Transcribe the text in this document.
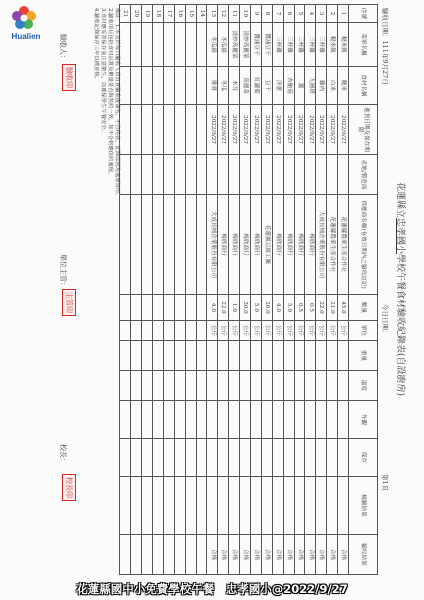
Hualien
花蓮縣立忠孝國小學校午餐食材驗收紀錄表(自設廚房)
驗收日期：111年9月27日
今日日期：
第1頁
序號	菜單名稱	食材名稱	進貨日期及保存期限	產地/製造商	供應商名稱(有效日期內之驗收註記)	數量	單位	重量	溫度	外觀	保存	檢驗結果	驗收結果
1	糙米飯	糙米	2022/9/27		花蓮縣農業生產合作社	45.0	公斤						合格
2	糙米飯	白米	2022/9/27		花蓮縣農業生產合作社	21.0	公斤						合格
3	三杯雞	雞肉	2022/9/27		大成長城企業股份有限公司	22.0	公斤						合格
4	三杯雞	九層塔	2022/9/27		梅欣商行	0.5	公斤						合格
5	三杯雞	薑	2022/9/27		梅欣商行	0.5	公斤						合格
6	三杯雞	杏鮑菇	2022/9/27		梅欣商行	5.0	公斤						合格
7	三杯雞	洋蔥	2022/9/27		梅欣商行	4.0	公斤						合格
8	醬滷豆干	豆干	2022/9/27		花蓮縣豆腐工廠	26.0	公斤						合格
9	醬滷豆干	紅蘿蔔	2022/9/27		梅欣商行	5.0	公斤						合格
10	清炒高麗菜	高麗菜	2022/9/27		梅欣商行	30.0	公斤						合格
11	清炒高麗菜	木耳	2022/9/27		梅欣商行	1.0	公斤						合格
12	冬瓜湯	冬瓜	2022/9/27		梅欣商行	22.0	公斤						合格
13	冬瓜湯	排骨	2022/9/27		大成長城企業股份有限公司	4.0	公斤						合格
14													
15													
16													
17													
18													
19													
20													
21													
備註：1.本表於每日驗收人員負責驗收後簽名，不合格者，記錄原因及處理情形。
2.驗收項目包括食材品質及數量是否與契約一致，如不合格應依約處理。
3.食材應妥善保存並注意衛生，以確保學生午餐安全。
4.驗收記錄保存三年以備查核。
驗收人：
單位主管：
校長：
驗收印
主管印
校長印
花蓮縣國中小免費學校午餐　忠孝國小@2022/9/27
